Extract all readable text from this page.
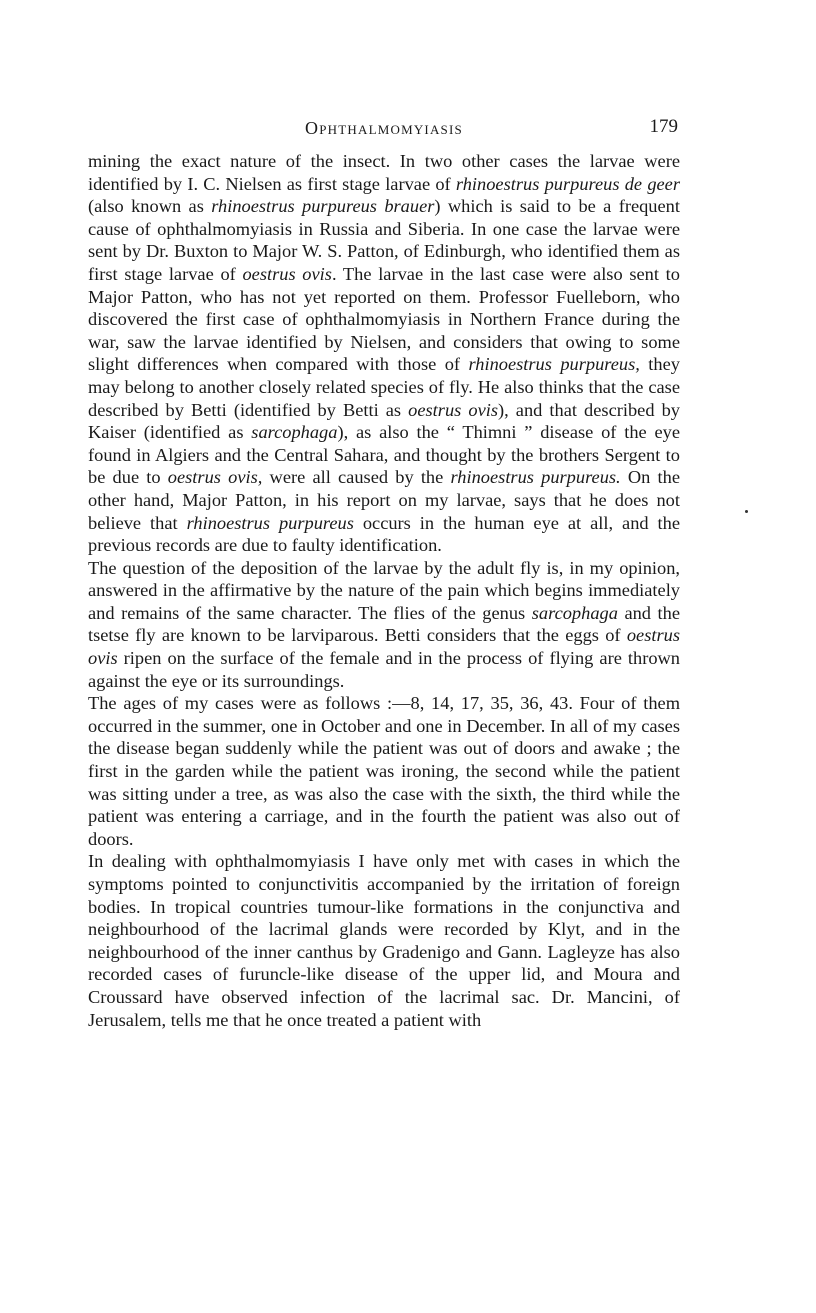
Ophthalmomyiasis	179

mining the exact nature of the insect. In two other cases the larvae were identified by I. C. Nielsen as first stage larvae of rhinoestrus purpureus de geer (also known as rhinoestrus purpureus brauer) which is said to be a frequent cause of ophthalmomyiasis in Russia and Siberia. In one case the larvae were sent by Dr. Buxton to Major W. S. Patton, of Edinburgh, who identified them as first stage larvae of oestrus ovis. The larvae in the last case were also sent to Major Patton, who has not yet reported on them. Professor Fuelleborn, who discovered the first case of ophthalmomyiasis in Northern France during the war, saw the larvae identified by Nielsen, and considers that owing to some slight differences when compared with those of rhinoestrus purpureus, they may belong to another closely related species of fly. He also thinks that the case described by Betti (identified by Betti as oestrus ovis), and that described by Kaiser (identified as sarcophaga), as also the “ Thimni ” disease of the eye found in Algiers and the Central Sahara, and thought by the brothers Sergent to be due to oestrus ovis, were all caused by the rhinoestrus purpureus. On the other hand, Major Patton, in his report on my larvae, says that he does not believe that rhinoestrus purpureus occurs in the human eye at all, and the previous records are due to faulty identification.

The question of the deposition of the larvae by the adult fly is, in my opinion, answered in the affirmative by the nature of the pain which begins immediately and remains of the same character. The flies of the genus sarcophaga and the tsetse fly are known to be larviparous. Betti considers that the eggs of oestrus ovis ripen on the surface of the female and in the process of flying are thrown against the eye or its surroundings.

The ages of my cases were as follows :—8, 14, 17, 35, 36, 43. Four of them occurred in the summer, one in October and one in December. In all of my cases the disease began suddenly while the patient was out of doors and awake ; the first in the garden while the patient was ironing, the second while the patient was sitting under a tree, as was also the case with the sixth, the third while the patient was entering a carriage, and in the fourth the patient was also out of doors.

In dealing with ophthalmomyiasis I have only met with cases in which the symptoms pointed to conjunctivitis accompanied by the irritation of foreign bodies. In tropical countries tumour-like formations in the conjunctiva and neighbourhood of the lacrimal glands were recorded by Klyt, and in the neighbourhood of the inner canthus by Gradenigo and Gann. Lagleyze has also recorded cases of furuncle-like disease of the upper lid, and Moura and Croussard have observed infection of the lacrimal sac. Dr. Mancini, of Jerusalem, tells me that he once treated a patient with
